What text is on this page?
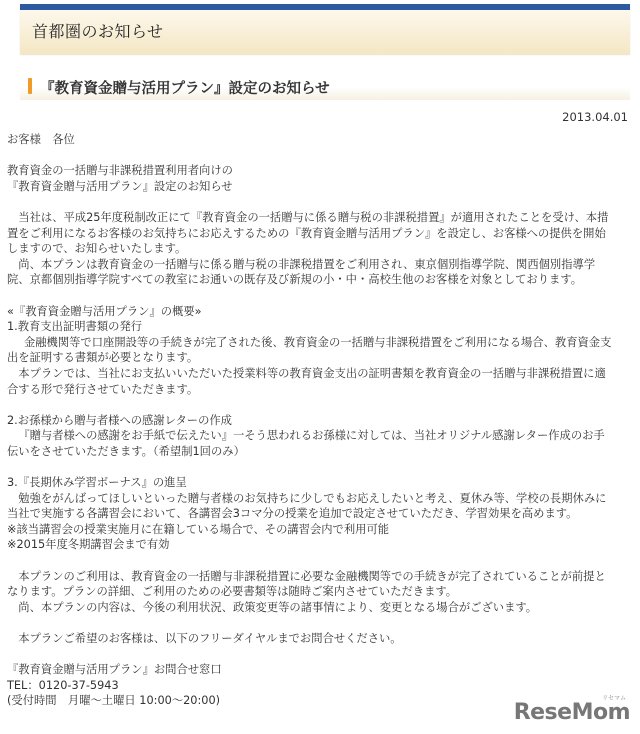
首都圏のお知らせ
『教育資金贈与活用プラン』設定のお知らせ
2013.04.01

お客様　各位

教育資金の一括贈与非課税措置利用者向けの

『教育資金贈与活用プラン』設定のお知らせ

当社は、平成25年度税制改正にて『教育資金の一括贈与に係る贈与税の非課税措置』が適用されたことを受け、本措置をご利用になるお客様のお気持ちにお応えするための『教育資金贈与活用プラン』を設定し、お客様への提供を開始しますので、お知らせいたします。

尚、本プランは教育資金の一括贈与に係る贈与税の非課税措置をご利用され、東京個別指導学院、関西個別指導学院、京都個別指導学院すべての教室にお通いの既存及び新規の小・中・高校生他のお客様を対象としております。

«『教育資金贈与活用プラン』の概要»

1.教育支出証明書類の発行

金融機関等で口座開設等の手続きが完了された後、教育資金の一括贈与非課税措置をご利用になる場合、教育資金支出を証明する書類が必要となります。

本プランでは、当社にお支払いいただいた授業料等の教育資金支出の証明書類を教育資金の一括贈与非課税措置に適合する形で発行させていただきます。

2.お孫様から贈与者様への感謝レターの作成

『贈与者様への感謝をお手紙で伝えたい』一そう思われるお孫様に対しては、当社オリジナル感謝レター作成のお手伝いをさせていただきます。（希望制1回のみ）

3.『長期休み学習ボーナス』の進呈

勉強をがんばってほしいといった贈与者様のお気持ちに少しでもお応えしたいと考え、夏休み等、学校の長期休みに当社で実施する各講習会において、各講習会3コマ分の授業を追加で設定させていただき、学習効果を高めます。

※該当講習会の授業実施月に在籍している場合で、その講習会内で利用可能

※2015年度冬期講習会まで有効

本プランのご利用は、教育資金の一括贈与非課税措置に必要な金融機関等での手続きが完了されていることが前提となります。プランの詳細、ご利用のための必要書類等は随時ご案内させていただきます。

尚、本プランの内容は、今後の利用状況、政策変更等の諸事情により、変更となる場合がございます。

本プランご希望のお客様は、以下のフリーダイヤルまでお問合せください。

『教育資金贈与活用プラン』お問合せ窓口

TEL：0120-37-5943

(受付時間　月曜～土曜日 10:00～20:00)	リセマム
ReseMom
